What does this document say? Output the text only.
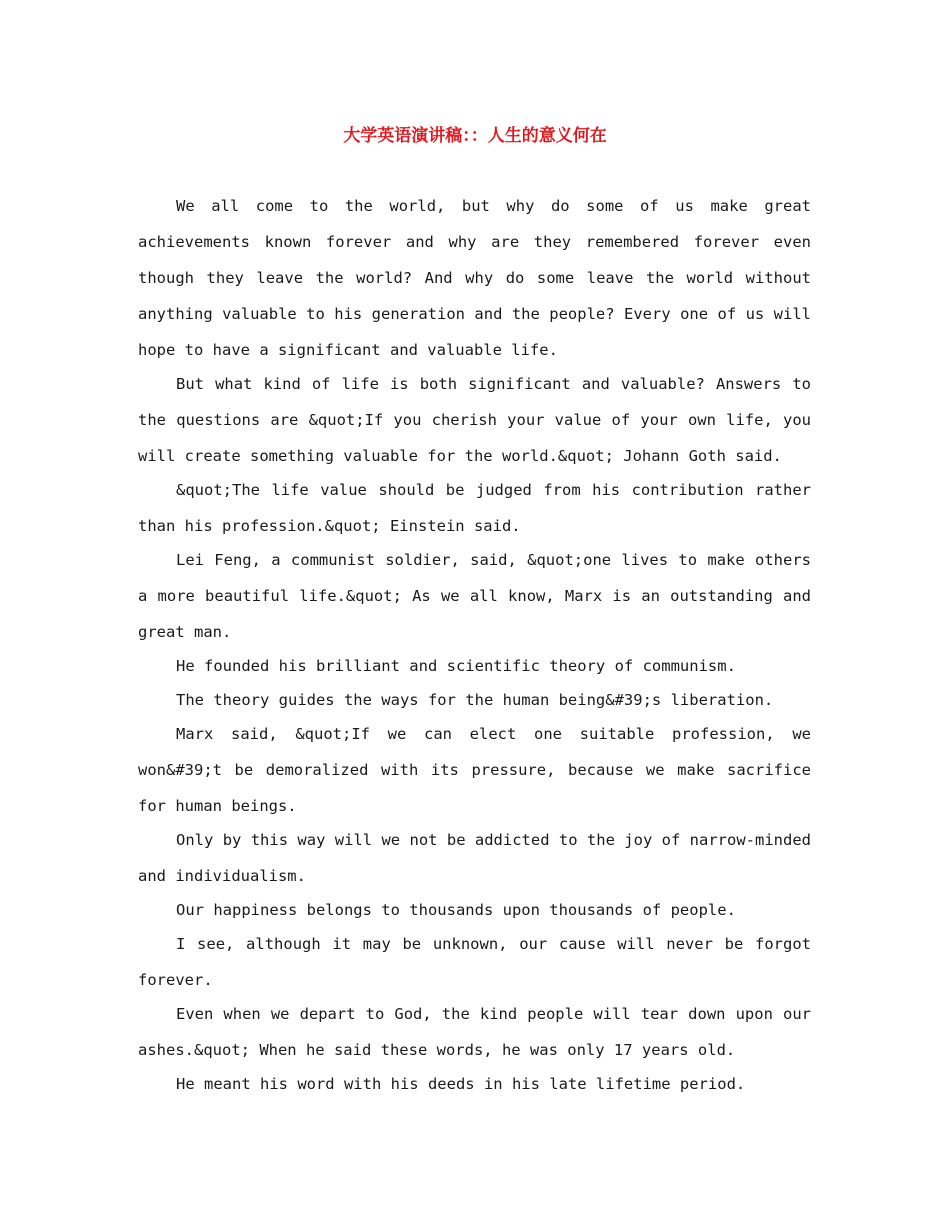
大学英语演讲稿：：人生的意义何在

We all come to the world, but why do some of us make great achievements known forever and why are they remembered forever even though they leave the world? And why do some leave the world without anything valuable to his generation and the people? Every one of us will hope to have a significant and valuable life.

But what kind of life is both significant and valuable? Answers to the questions are &quot;If you cherish your value of your own life, you will create something valuable for the world.&quot; Johann Goth said.

&quot;The life value should be judged from his contribution rather than his profession.&quot; Einstein said.

Lei Feng, a communist soldier, said, &quot;one lives to make others a more beautiful life.&quot; As we all know, Marx is an outstanding and great man.

He founded his brilliant and scientific theory of communism.

The theory guides the ways for the human being&#39;s liberation.

Marx said, &quot;If we can elect one suitable profession, we won&#39;t be demoralized with its pressure, because we make sacrifice for human beings.

Only by this way will we not be addicted to the joy of narrow-minded and individualism.

Our happiness belongs to thousands upon thousands of people.

I see, although it may be unknown, our cause will never be forgot forever.

Even when we depart to God, the kind people will tear down upon our ashes.&quot; When he said these words, he was only 17 years old.

He meant his word with his deeds in his late lifetime period.
